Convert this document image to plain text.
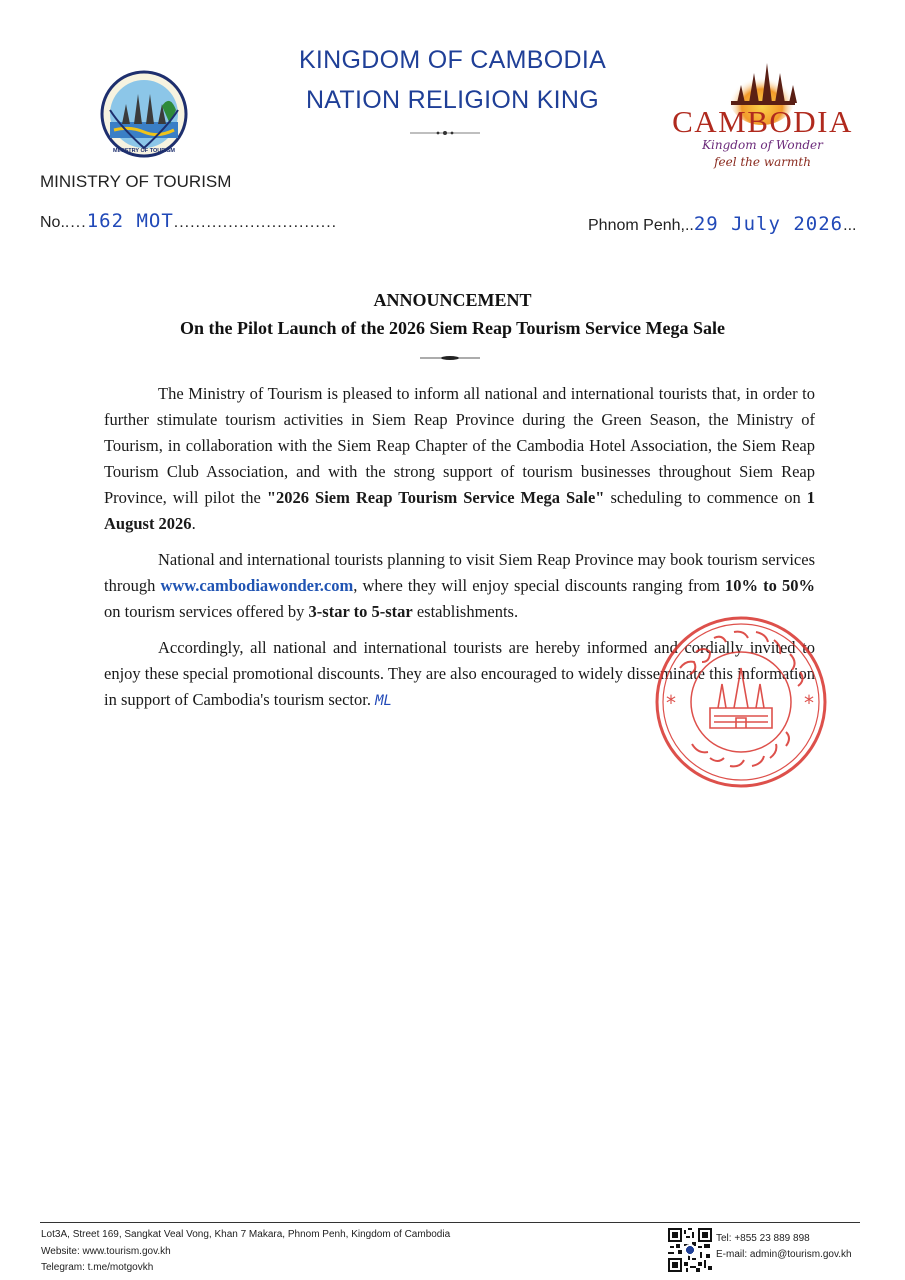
KINGDOM OF CAMBODIA
NATION RELIGION KING
MINISTRY OF TOURISM
MINISTRY OF TOURISM
No.....162 MOT..............................
CAMBODIA
Kingdom of Wonder
feel the warmth
Phnom Penh,..29 July 2026...
ANNOUNCEMENT
On the Pilot Launch of the 2026 Siem Reap Tourism Service Mega Sale

The Ministry of Tourism is pleased to inform all national and international tourists that, in order to further stimulate tourism activities in Siem Reap Province during the Green Season, the Ministry of Tourism, in collaboration with the Siem Reap Chapter of the Cambodia Hotel Association, the Siem Reap Tourism Club Association, and with the strong support of tourism businesses throughout Siem Reap Province, will pilot the "2026 Siem Reap Tourism Service Mega Sale" scheduling to commence on 1 August 2026.

National and international tourists planning to visit Siem Reap Province may book tourism services through www.cambodiawonder.com, where they will enjoy special discounts ranging from 10% to 50% on tourism services offered by 3-star to 5-star establishments.

Accordingly, all national and international tourists are hereby informed and cordially invited to enjoy these special promotional discounts. They are also encouraged to widely disseminate this information in support of Cambodia's tourism sector. ML	*	*
Lot3A, Street 169, Sangkat Veal Vong, Khan 7 Makara, Phnom Penh, Kingdom of Cambodia
Website: www.tourism.gov.kh
Telegram: t.me/motgovkh
Tel: +855 23 889 898
E-mail: admin@tourism.gov.kh
